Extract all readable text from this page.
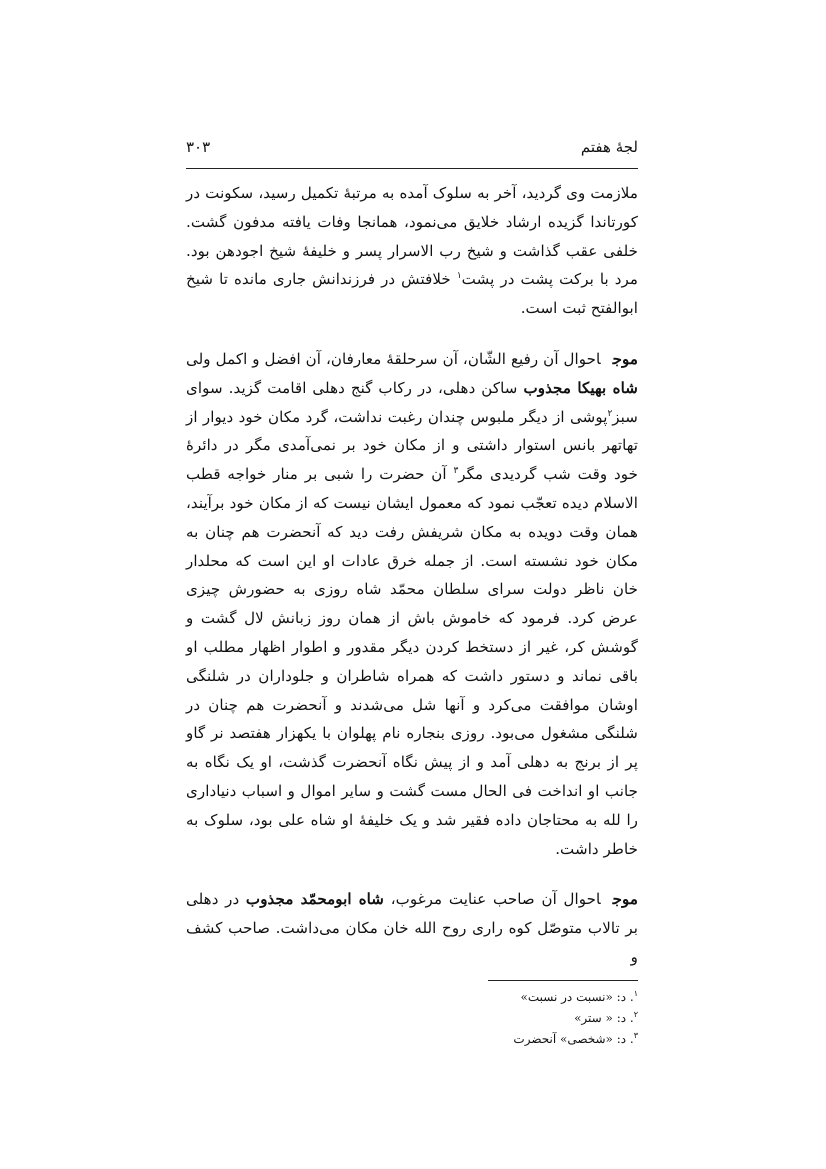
لجهٔ هفتم
۳۰۳

ملازمت وی گردید، آخر به سلوک آمده به مرتبهٔ تکمیل رسید، سکونت در کورتاندا گزیده ارشاد خلایق می‌نمود، همانجا وفات یافته مدفون گشت. خلفی عقب گذاشت و شیخ رب الاسرار پسر و خلیفهٔ شیخ اجودهن بود. مرد با برکت پشت در پشت$^۱$ خلافتش در فرزندانش جاری مانده تا شیخ ابوالفتح ثبت است.

موجاحوال آن رفیع الشّان، آن سرحلقهٔ معارفان، آن افضل و اکمل ولی شاه بهیکا مجذوب ساکن دهلی، در رکاب گنج دهلی اقامت گزید. سوای سبز$^۲$پوشی از دیگر ملبوس چندان رغبت نداشت، گرد مکان خود دیوار از تهاتهر بانس استوار داشتی و از مکان خود بر نمی‌آمدی مگر در دائرهٔ خود وقت شب گردیدی مگر$^۳$ آن حضرت را شبی بر منار خواجه قطب الاسلام دیده تعجّب نمود که معمول ایشان نیست که از مکان خود برآیند، همان وقت دویده به مکان شریفش رفت دید که آنحضرت هم چنان به مکان خود نشسته است. از جمله خرق عادات او این است که محلدار خان ناظر دولت سرای سلطان محمّد شاه روزی به حضورش چیزی عرض کرد. فرمود که خاموش باش از همان روز زبانش لال گشت و گوشش کر، غیر از دستخط کردن دیگر مقدور و اطوار اظهار مطلب او باقی نماند و دستور داشت که همراه شاطران و جلوداران در شلنگی اوشان موافقت می‌کرد و آنها شل می‌شدند و آنحضرت هم چنان در شلنگی مشغول می‌بود. روزی بنجاره نام پهلوان با یکهزار هفتصد نر گاو پر از برنج به دهلی آمد و از پیش نگاه آنحضرت گذشت، او یک نگاه به جانب او انداخت فی الحال مست گشت و سایر اموال و اسباب دنیاداری را لله به محتاجان داده فقیر شد و یک خلیفهٔ او شاه علی بود، سلوک به خاطر داشت.

موجاحوال آن صاحب عنایت مرغوب، شاه ابومحمّد مجذوب در دهلی بر تالاب متوصّل کوه راری روح الله خان مکان می‌داشت. صاحب کشف و

$^۱$. د: «نسبت در نسبت»
$^۲$. د: « ستر»
$^۳$. د: «شخصی» آنحضرت
